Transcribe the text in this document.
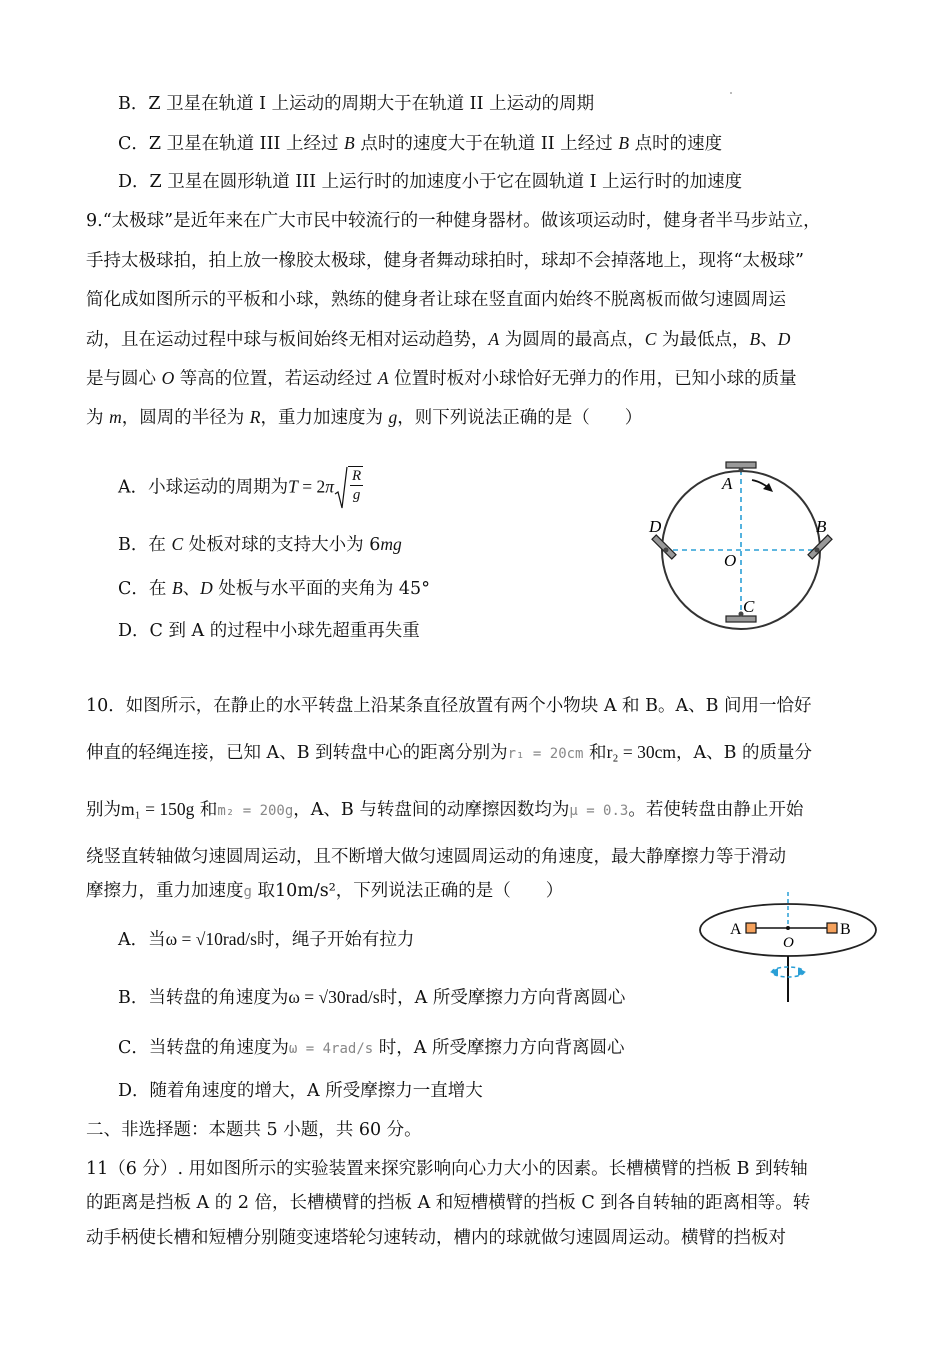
B．Z 卫星在轨道 I 上运动的周期大于在轨道 II 上运动的周期
C．Z 卫星在轨道 III 上经过 B 点时的速度大于在轨道 II 上经过 B 点时的速度
D．Z 卫星在圆形轨道 III 上运行时的加速度小于它在圆轨道 I 上运行时的加速度
9.“太极球”是近年来在广大市民中较流行的一种健身器材。做该项运动时，健身者半马步站立，
手持太极球拍，拍上放一橡胶太极球，健身者舞动球拍时，球却不会掉落地上，现将“太极球”
简化成如图所示的平板和小球，熟练的健身者让球在竖直面内始终不脱离板而做匀速圆周运
动，且在运动过程中球与板间始终无相对运动趋势，A 为圆周的最高点，C 为最低点，B、D
是与圆心 O 等高的位置，若运动经过 A 位置时板对小球恰好无弹力的作用，已知小球的质量
为 m，圆周的半径为 R，重力加速度为 g，则下列说法正确的是（　　）
A．小球运动的周期为$T = 2\pi \frac{R}{g}$
B．在 C 处板对球的支持大小为 6mg
C．在 B、D 处板与水平面的夹角为 45°
D．C 到 A 的过程中小球先超重再失重
A
B
D
O
C
10．如图所示，在静止的水平转盘上沿某条直径放置有两个小物块 A 和 B。A、B 间用一恰好
伸直的轻绳连接，已知 A、B 到转盘中心的距离分别为r₁ = 20cm 和r₂ = 30cm，A、B 的质量分
别为m₁ = 150g 和m₂ = 200g，A、B 与转盘间的动摩擦因数均为μ = 0.3。若使转盘由静止开始
绕竖直转轴做匀速圆周运动，且不断增大做匀速圆周运动的角速度，最大静摩擦力等于滑动
摩擦力，重力加速度g 取10m/s²，下列说法正确的是（　　）
A．当ω = √10rad/s时，绳子开始有拉力
B．当转盘的角速度为ω = √30rad/s时，A 所受摩擦力方向背离圆心
C．当转盘的角速度为ω = 4rad/s 时，A 所受摩擦力方向背离圆心
D．随着角速度的增大，A 所受摩擦力一直增大
A	B
O
二、非选择题：本题共 5 小题，共 60 分。
11（6 分）. 用如图所示的实验装置来探究影响向心力大小的因素。长槽横臂的挡板 B 到转轴
的距离是挡板 A 的 2 倍，长槽横臂的挡板 A 和短槽横臂的挡板 C 到各自转轴的距离相等。转
动手柄使长槽和短槽分别随变速塔轮匀速转动，槽内的球就做匀速圆周运动。横臂的挡板对
